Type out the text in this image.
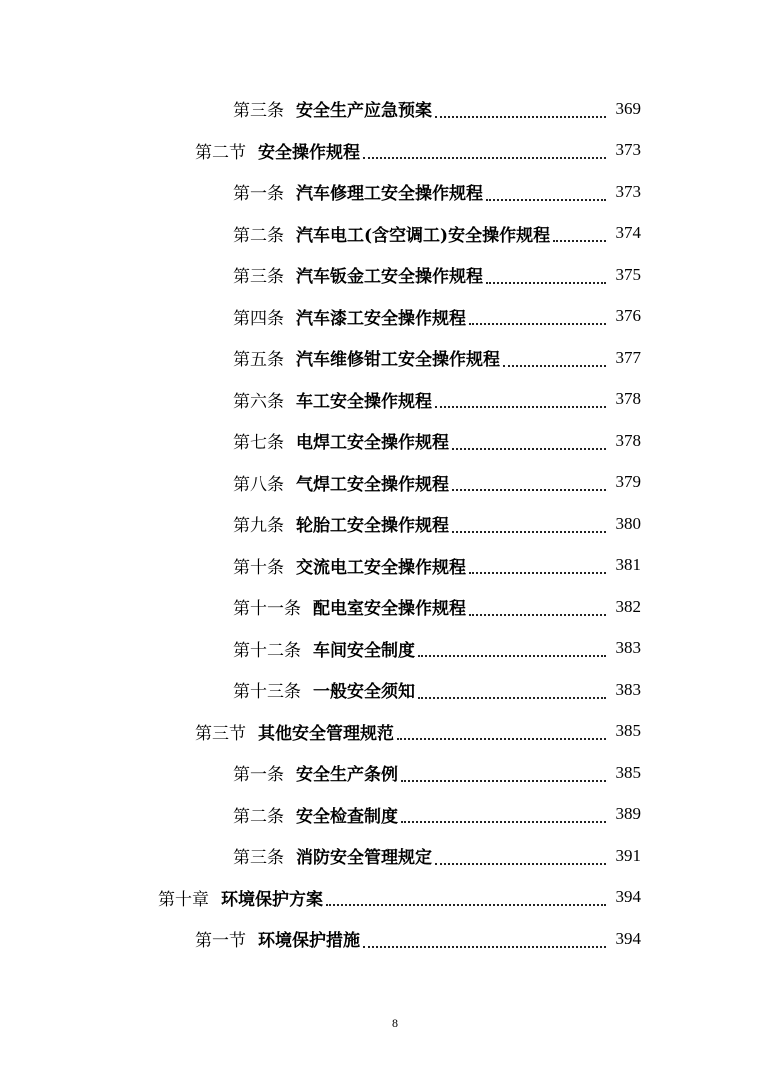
第三条 安全生产应急预案	369
第二节 安全操作规程	373
第一条 汽车修理工安全操作规程	373
第二条 汽车电工(含空调工)安全操作规程	374
第三条 汽车钣金工安全操作规程	375
第四条 汽车漆工安全操作规程	376
第五条 汽车维修钳工安全操作规程	377
第六条 车工安全操作规程	378
第七条 电焊工安全操作规程	378
第八条 气焊工安全操作规程	379
第九条 轮胎工安全操作规程	380
第十条 交流电工安全操作规程	381
第十一条 配电室安全操作规程	382
第十二条 车间安全制度	383
第十三条 一般安全须知	383
第三节 其他安全管理规范	385
第一条 安全生产条例	385
第二条 安全检查制度	389
第三条 消防安全管理规定	391
第十章 环境保护方案	394
第一节 环境保护措施	394
8
